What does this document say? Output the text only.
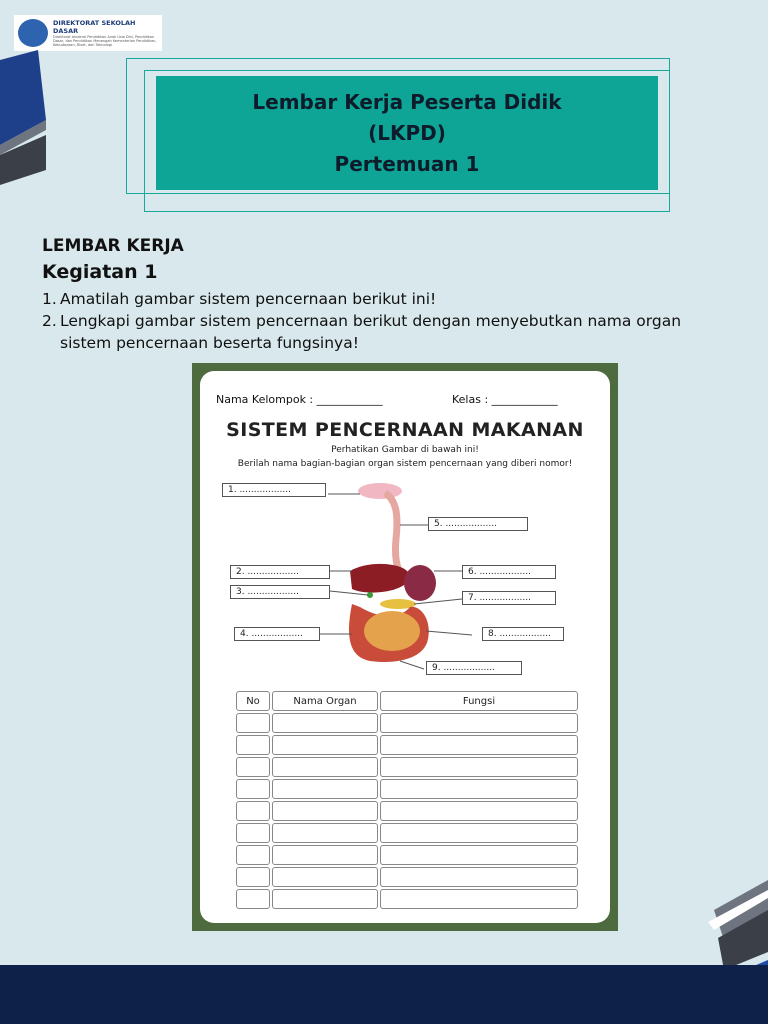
DIREKTORAT SEKOLAH DASAR
Direktorat Jenderal Pendidikan Anak Usia Dini, Pendidikan Dasar, dan Pendidikan Menengah Kementerian Pendidikan, Kebudayaan, Riset, dan Teknologi
Lembar Kerja Peserta Didik
(LKPD)
Pertemuan 1
LEMBAR KERJA
Kegiatan 1
1. Amatilah gambar sistem pencernaan berikut ini!
2. Lengkapi gambar sistem pencernaan berikut dengan menyebutkan nama organ sistem pencernaan beserta fungsinya!
Nama Kelompok : ____________	Kelas : ____________
SISTEM PENCERNAAN MAKANAN
Perhatikan Gambar di bawah ini!
Berilah nama bagian-bagian organ sistem pencernaan yang diberi nomor!
1. ..................
2. ..................
3. ..................
4. ..................
5. ..................
6. ..................
7. ..................
8. ..................
9. ..................
No	Nama Organ	Fungsi
